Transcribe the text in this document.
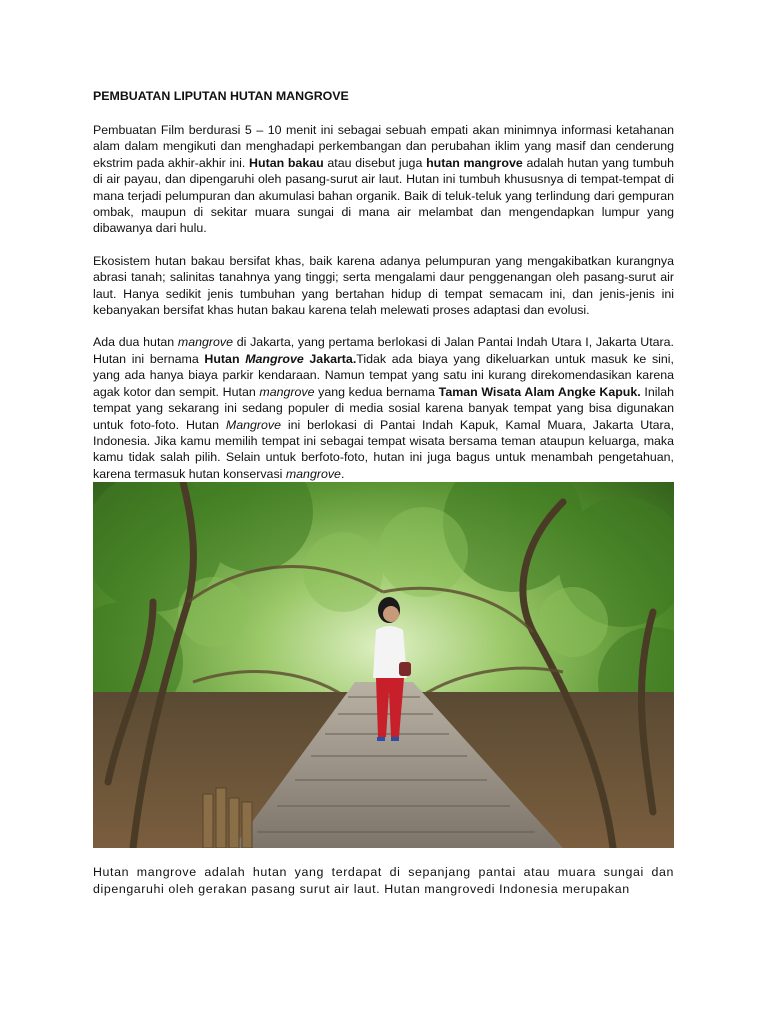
PEMBUATAN LIPUTAN HUTAN MANGROVE

Pembuatan Film berdurasi 5 – 10 menit ini sebagai sebuah empati akan minimnya informasi ketahanan alam dalam mengikuti dan menghadapi perkembangan dan perubahan iklim yang masif dan cenderung ekstrim pada akhir-akhir ini. Hutan bakau atau disebut juga hutan mangrove adalah hutan yang tumbuh di air payau, dan dipengaruhi oleh pasang-surut air laut. Hutan ini tumbuh khususnya di tempat-tempat di mana terjadi pelumpuran dan akumulasi bahan organik. Baik di teluk-teluk yang terlindung dari gempuran ombak, maupun di sekitar muara sungai di mana air melambat dan mengendapkan lumpur yang dibawanya dari hulu.

Ekosistem hutan bakau bersifat khas, baik karena adanya pelumpuran yang mengakibatkan kurangnya abrasi tanah; salinitas tanahnya yang tinggi; serta mengalami daur penggenangan oleh pasang-surut air laut. Hanya sedikit jenis tumbuhan yang bertahan hidup di tempat semacam ini, dan jenis-jenis ini kebanyakan bersifat khas hutan bakau karena telah melewati proses adaptasi dan evolusi.

Ada dua hutan mangrove di Jakarta, yang pertama berlokasi di Jalan Pantai Indah Utara I, Jakarta Utara. Hutan ini bernama Hutan Mangrove Jakarta.Tidak ada biaya yang dikeluarkan untuk masuk ke sini, yang ada hanya biaya parkir kendaraan. Namun tempat yang satu ini kurang direkomendasikan karena agak kotor dan sempit. Hutan mangrove yang kedua bernama Taman Wisata Alam Angke Kapuk. Inilah tempat yang sekarang ini sedang populer di media sosial karena banyak tempat yang bisa digunakan untuk foto-foto. Hutan Mangrove ini berlokasi di Pantai Indah Kapuk, Kamal Muara, Jakarta Utara, Indonesia. Jika kamu memilih tempat ini sebagai tempat wisata bersama teman ataupun keluarga, maka kamu tidak salah pilih. Selain untuk berfoto-foto, hutan ini juga bagus untuk menambah pengetahuan, karena termasuk hutan konservasi mangrove.

Hutan mangrove adalah hutan yang terdapat di sepanjang pantai atau muara sungai dan dipengaruhi oleh gerakan pasang surut air laut. Hutan mangrovedi Indonesia merupakan
